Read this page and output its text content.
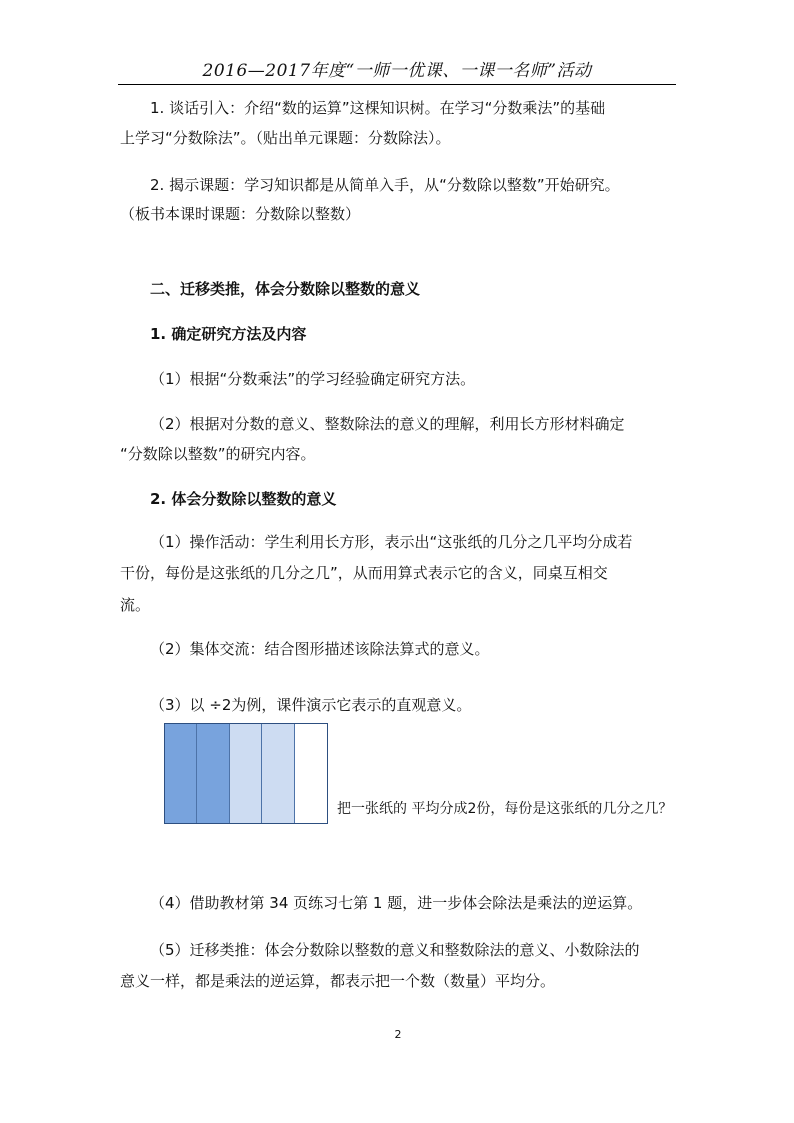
2016—2017年度“一师一优课、一课一名师”活动
1. 谈话引入：介绍“数的运算”这棵知识树。在学习“分数乘法”的基础
上学习“分数除法”。（贴出单元课题：分数除法）。
2. 揭示课题：学习知识都是从简单入手，从“分数除以整数”开始研究。
（板书本课时课题：分数除以整数）
二、迁移类推，体会分数除以整数的意义
1. 确定研究方法及内容
（1）根据“分数乘法”的学习经验确定研究方法。
（2）根据对分数的意义、整数除法的意义的理解，利用长方形材料确定
“分数除以整数”的研究内容。
2. 体会分数除以整数的意义
（1）操作活动：学生利用长方形，表示出“这张纸的几分之几平均分成若
干份，每份是这张纸的几分之几”，从而用算式表示它的含义，同桌互相交
流。
（2）集体交流：结合图形描述该除法算式的意义。
（3）以 ÷2为例，课件演示它表示的直观意义。
把一张纸的 平均分成2份，每份是这张纸的几分之几？
（4）借助教材第 34 页练习七第 1 题，进一步体会除法是乘法的逆运算。
（5）迁移类推：体会分数除以整数的意义和整数除法的意义、小数除法的
意义一样，都是乘法的逆运算，都表示把一个数（数量）平均分。
2
